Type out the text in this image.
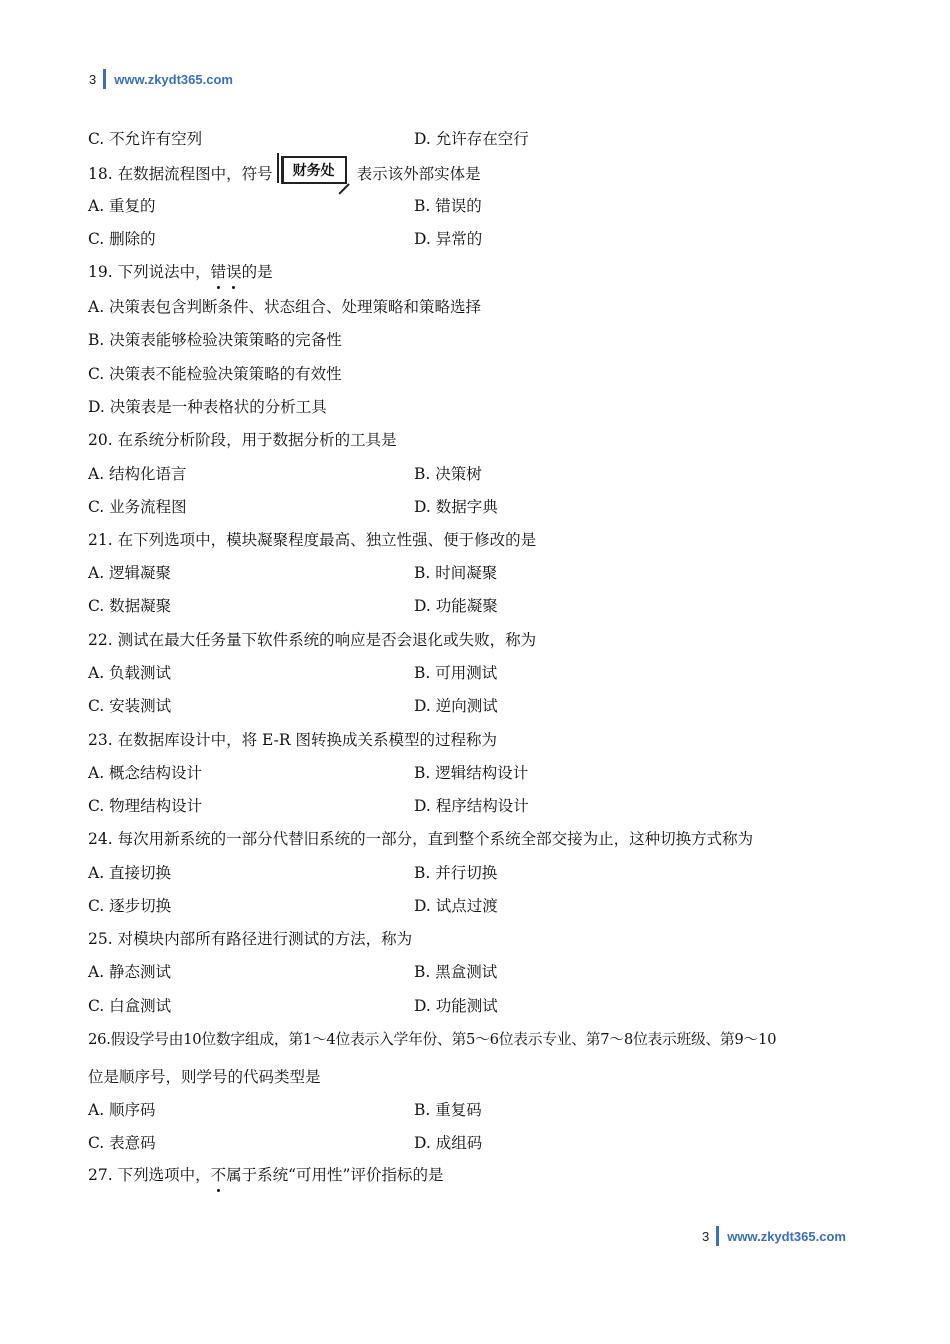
3 www.zkydt365.com
C. 不允许有空列	D. 允许存在空行
18. 在数据流程图中，符号	财务处	表示该外部实体是
A. 重复的	B. 错误的
C. 删除的	D. 异常的
19. 下列说法中，错误的是
A. 决策表包含判断条件、状态组合、处理策略和策略选择
B. 决策表能够检验决策策略的完备性
C. 决策表不能检验决策策略的有效性
D. 决策表是一种表格状的分析工具
20. 在系统分析阶段，用于数据分析的工具是
A. 结构化语言	B. 决策树
C. 业务流程图	D. 数据字典
21. 在下列选项中，模块凝聚程度最高、独立性强、便于修改的是
A. 逻辑凝聚	B. 时间凝聚
C. 数据凝聚	D. 功能凝聚
22. 测试在最大任务量下软件系统的响应是否会退化或失败，称为
A. 负载测试	B. 可用测试
C. 安装测试	D. 逆向测试
23. 在数据库设计中，将 E-R 图转换成关系模型的过程称为
A. 概念结构设计	B. 逻辑结构设计
C. 物理结构设计	D. 程序结构设计
24. 每次用新系统的一部分代替旧系统的一部分，直到整个系统全部交接为止，这种切换方式称为
A. 直接切换	B. 并行切换
C. 逐步切换	D. 试点过渡
25. 对模块内部所有路径进行测试的方法，称为
A. 静态测试	B. 黑盒测试
C. 白盒测试	D. 功能测试
26.假设学号由10位数字组成，第1～4位表示入学年份、第5～6位表示专业、第7～8位表示班级、第9～10
位是顺序号，则学号的代码类型是
A. 顺序码	B. 重复码
C. 表意码	D. 成组码
27. 下列选项中，不属于系统“可用性”评价指标的是
3 www.zkydt365.com
